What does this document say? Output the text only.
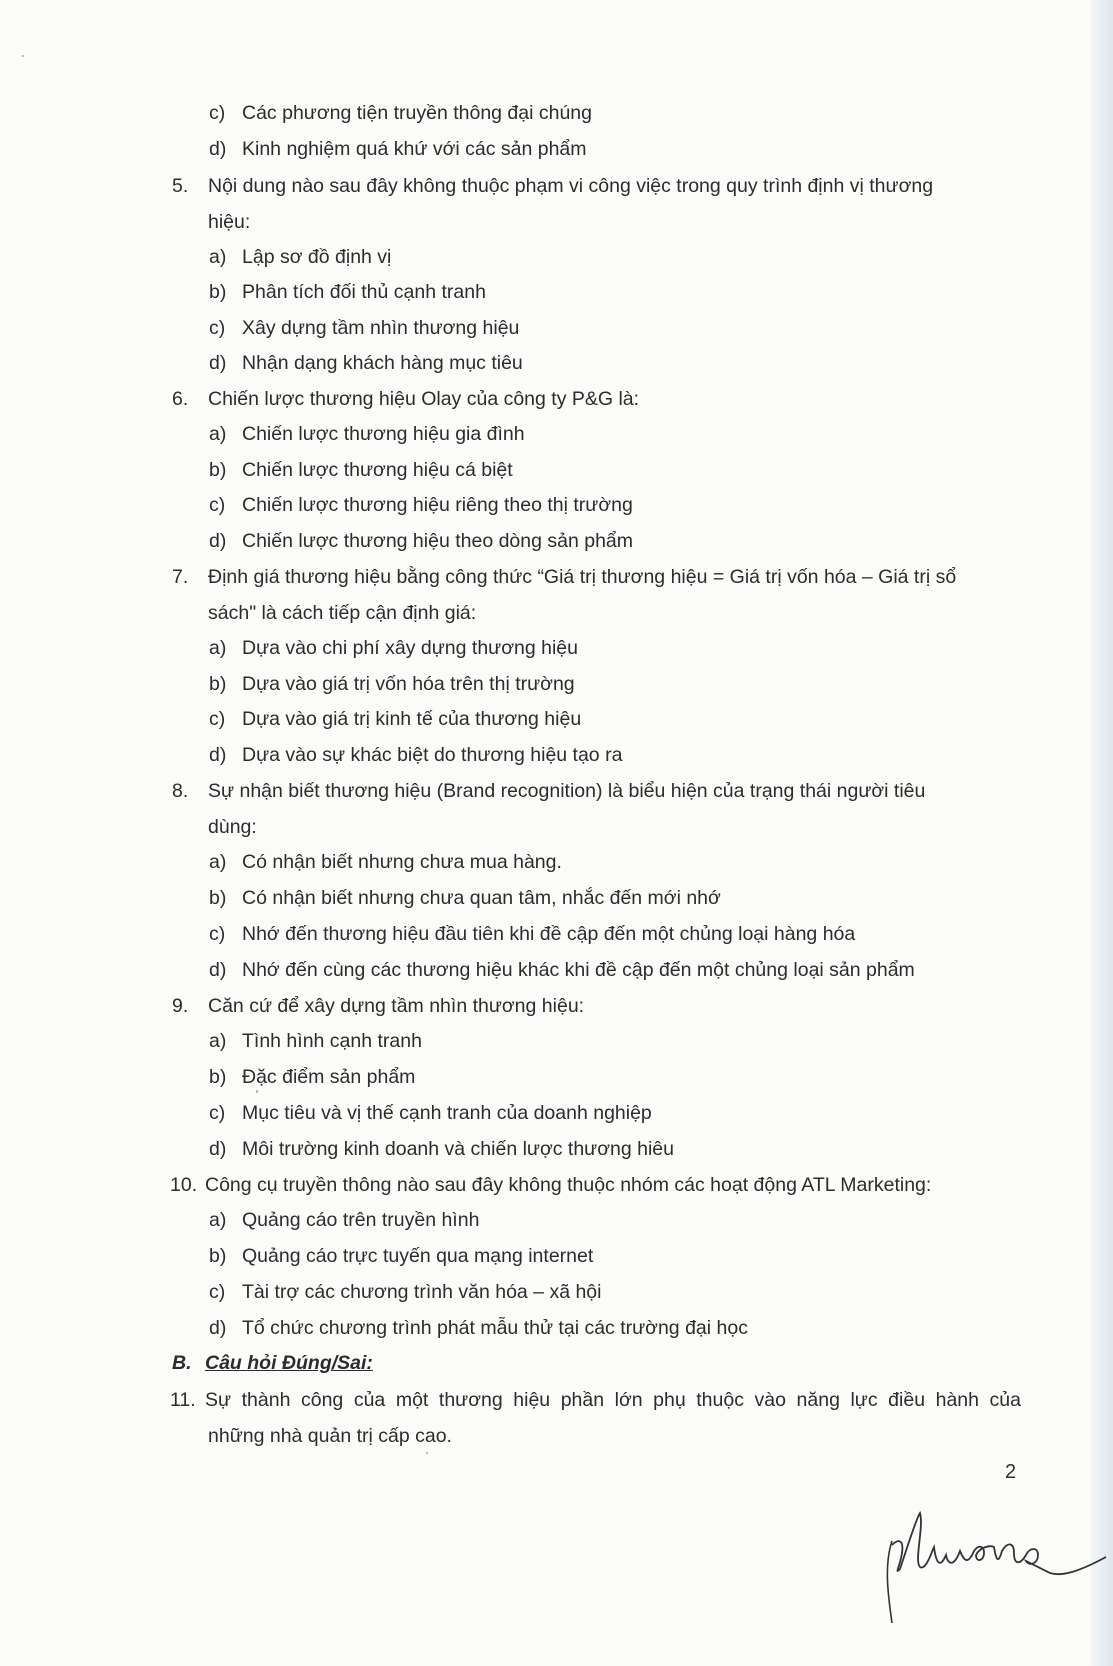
c) Các phương tiện truyền thông đại chúng
d) Kinh nghiệm quá khứ với các sản phẩm
5. Nội dung nào sau đây không thuộc phạm vi công việc trong quy trình định vị thương
hiệu:
a) Lập sơ đồ định vị
b) Phân tích đối thủ cạnh tranh
c) Xây dựng tầm nhìn thương hiệu
d) Nhận dạng khách hàng mục tiêu
6. Chiến lược thương hiệu Olay của công ty P&G là:
a) Chiến lược thương hiệu gia đình
b) Chiến lược thương hiệu cá biệt
c) Chiến lược thương hiệu riêng theo thị trường
d) Chiến lược thương hiệu theo dòng sản phẩm
7. Định giá thương hiệu bằng công thức “Giá trị thương hiệu = Giá trị vốn hóa – Giá trị sổ
sách" là cách tiếp cận định giá:
a) Dựa vào chi phí xây dựng thương hiệu
b) Dựa vào giá trị vốn hóa trên thị trường
c) Dựa vào giá trị kinh tế của thương hiệu
d) Dựa vào sự khác biệt do thương hiệu tạo ra
8. Sự nhận biết thương hiệu (Brand recognition) là biểu hiện của trạng thái người tiêu
dùng:
a) Có nhận biết nhưng chưa mua hàng.
b) Có nhận biết nhưng chưa quan tâm, nhắc đến mới nhớ
c) Nhớ đến thương hiệu đầu tiên khi đề cập đến một chủng loại hàng hóa
d) Nhớ đến cùng các thương hiệu khác khi đề cập đến một chủng loại sản phẩm
9. Căn cứ để xây dựng tầm nhìn thương hiệu:
a) Tình hình cạnh tranh
b) Đặc điểm sản phẩm
c) Mục tiêu và vị thế cạnh tranh của doanh nghiệp
d) Môi trường kinh doanh và chiến lược thương hiêu
10. Công cụ truyền thông nào sau đây không thuộc nhóm các hoạt động ATL Marketing:
a) Quảng cáo trên truyền hình
b) Quảng cáo trực tuyến qua mạng internet
c) Tài trợ các chương trình văn hóa – xã hội
d) Tổ chức chương trình phát mẫu thử tại các trường đại học
B. Câu hỏi Đúng/Sai:
11. Sự thành công của một thương hiệu phần lớn phụ thuộc vào năng lực điều hành của
những nhà quản trị cấp cao.
2
